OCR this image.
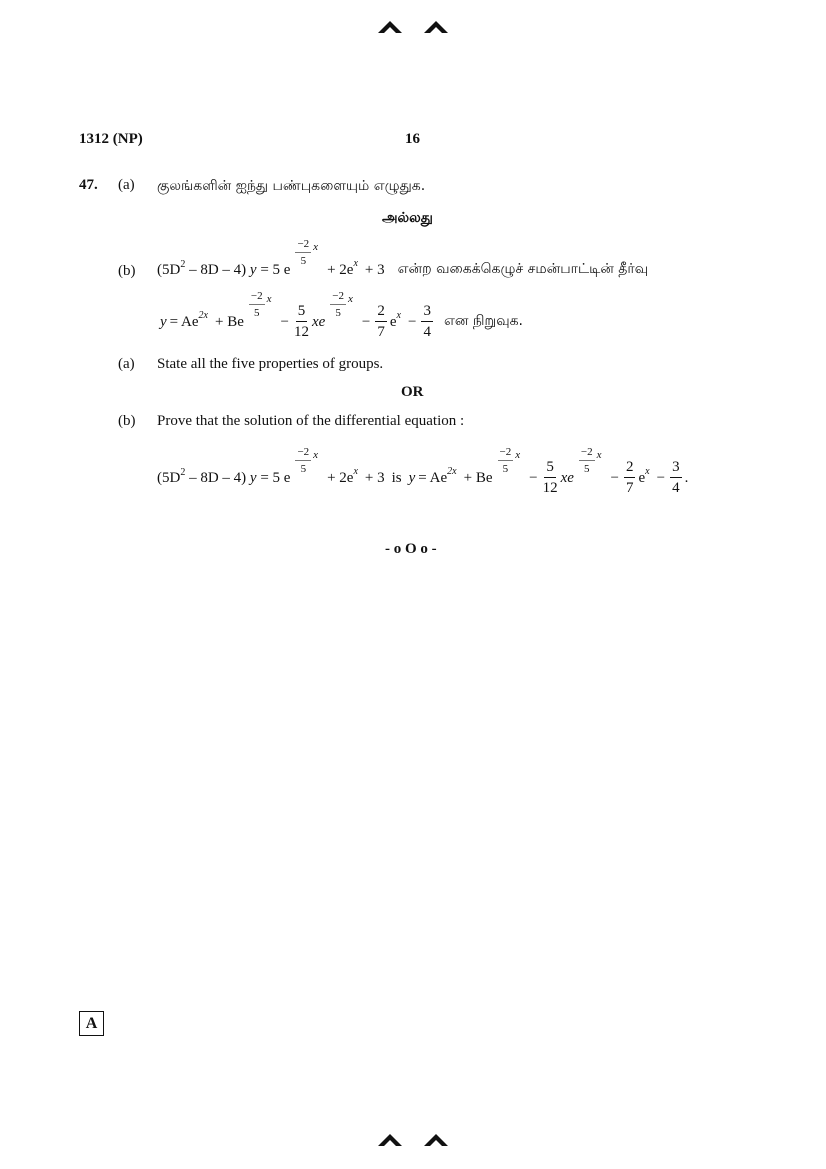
1312 (NP)	16
47. (a) குலங்களின் ஐந்து பண்புகளையும் எழுதுக.
அல்லது
(b) $(5D^2 - 8D - 4) y = 5$ e
$\frac{-2}{5}$ x
+ 2e x + 3 என்ற வகைக்கெழுச் சமன்பாட்டின் தீர்வு
y = Ae 2x + Be
$\frac{-2}{5}$ x
− $\frac{5}{12}$ xe
$\frac{-2}{5}$ x
− $\frac{2}{7}$ e $x - \frac{3}{4}$ என நிறுவுக.
(a) State all the five properties of groups.
OR
(b) Prove that the solution of the differential equation :
$(5D^2 - 8D - 4) y = 5$ e
$\frac{-2}{5}$ x
+ 2e x + 3 is y = Ae 2x + Be
$\frac{-2}{5}$ x
− $\frac{5}{12}$ xe
$\frac{-2}{5}$ x
− $\frac{2}{7}$ e $x - \frac{3}{4}$ .
- o O o -
A
